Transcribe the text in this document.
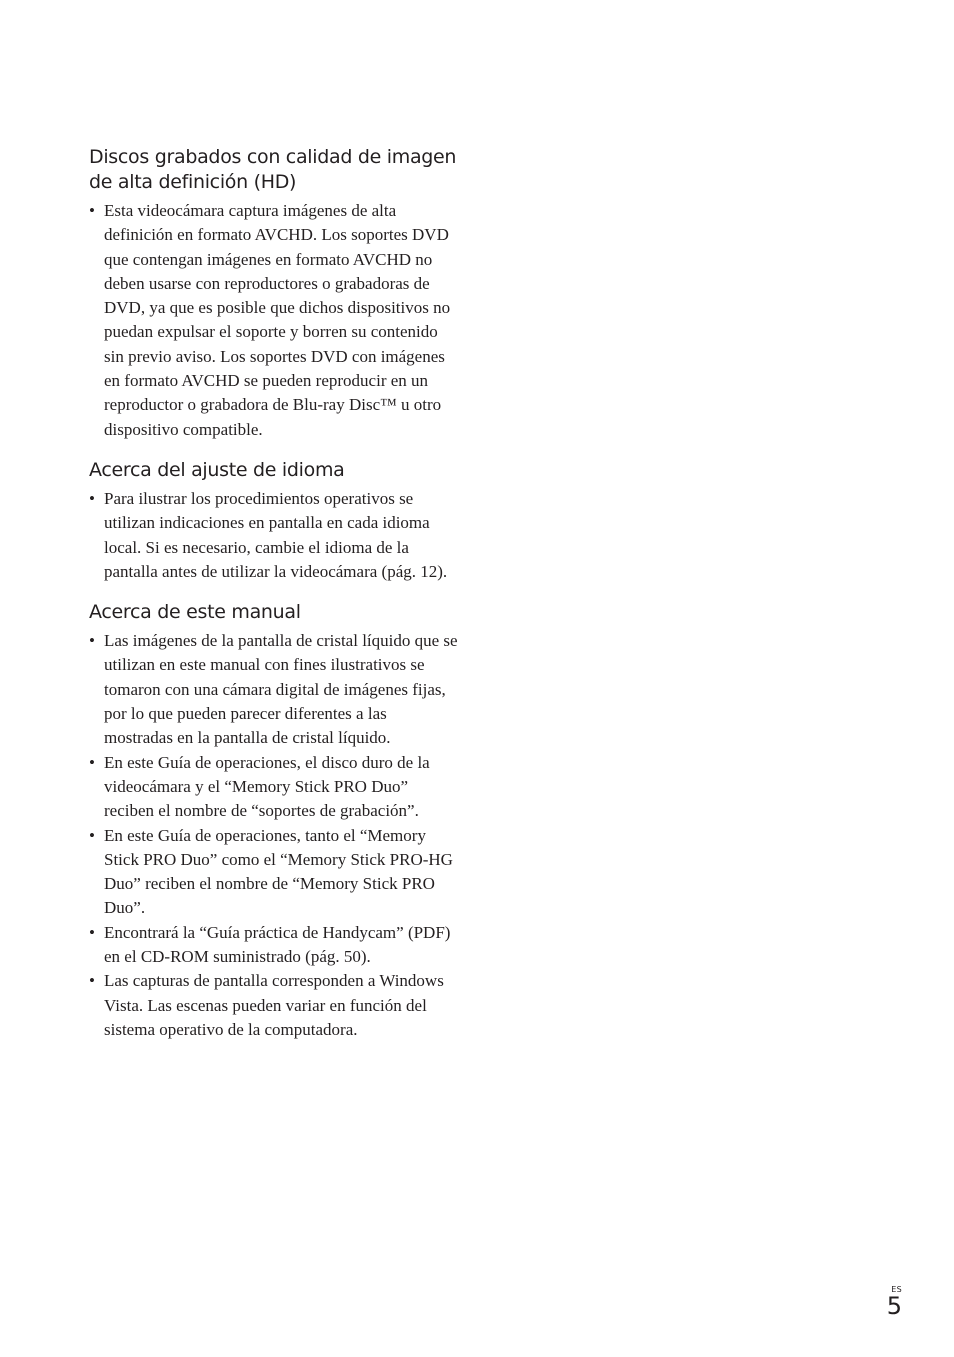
Discos grabados con calidad de imagen
de alta definición (HD)
• Esta videocámara captura imágenes de alta definición en formato AVCHD. Los soportes DVD que contengan imágenes en formato AVCHD no deben usarse con reproductores o grabadoras de DVD, ya que es posible que dichos dispositivos no puedan expulsar el soporte y borren su contenido sin previo aviso. Los soportes DVD con imágenes en formato AVCHD se pueden reproducir en un reproductor o grabadora de Blu-ray Disc™ u otro dispositivo compatible.
Acerca del ajuste de idioma
• Para ilustrar los procedimientos operativos se utilizan indicaciones en pantalla en cada idioma local. Si es necesario, cambie el idioma de la pantalla antes de utilizar la videocámara (pág. 12).
Acerca de este manual
• Las imágenes de la pantalla de cristal líquido que se utilizan en este manual con fines ilustrativos se tomaron con una cámara digital de imágenes fijas, por lo que pueden parecer diferentes a las mostradas en la pantalla de cristal líquido.
• En este Guía de operaciones, el disco duro de la videocámara y el “Memory Stick PRO Duo” reciben el nombre de “soportes de grabación”.
• En este Guía de operaciones, tanto el “Memory Stick PRO Duo” como el “Memory Stick PRO-HG Duo” reciben el nombre de “Memory Stick PRO Duo”.
• Encontrará la “Guía práctica de Handycam” (PDF) en el CD-ROM suministrado (pág. 50).
• Las capturas de pantalla corresponden a Windows Vista. Las escenas pueden variar en función del sistema operativo de la computadora.
ES
5
